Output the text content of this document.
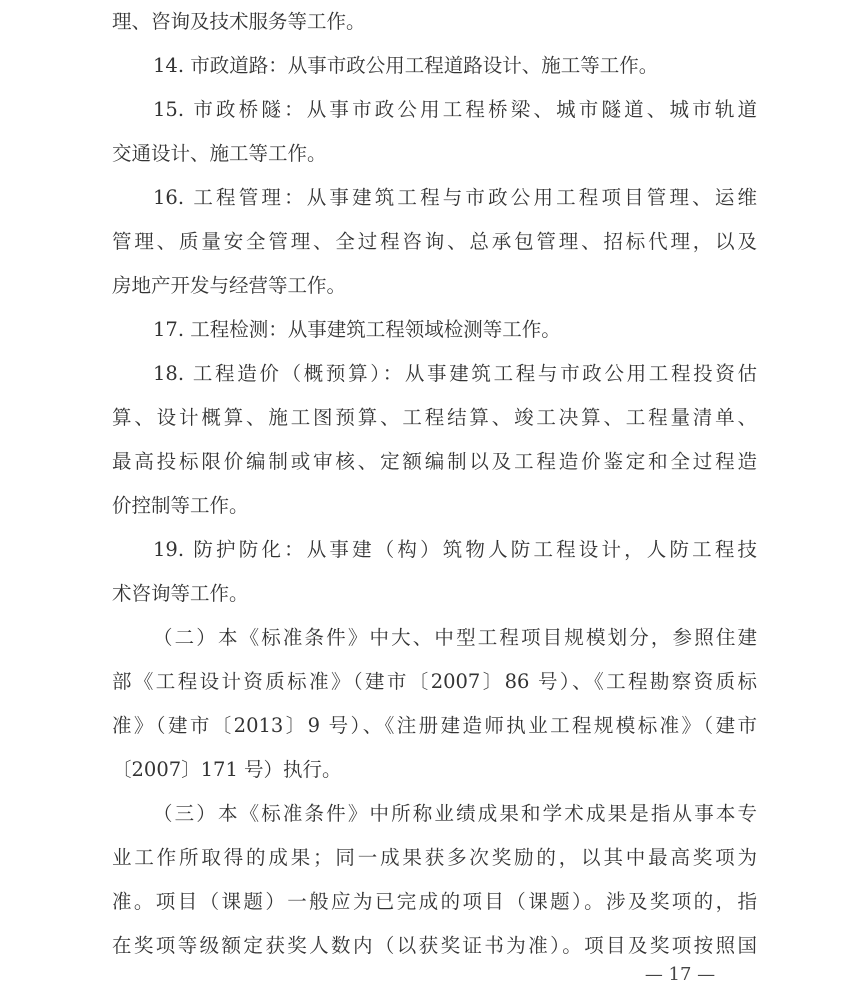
理、咨询及技术服务等工作。
14. 市政道路：从事市政公用工程道路设计、施工等工作。
15. 市政桥隧：从事市政公用工程桥梁、城市隧道、城市轨道
交通设计、施工等工作。
16. 工程管理：从事建筑工程与市政公用工程项目管理、运维
管理、质量安全管理、全过程咨询、总承包管理、招标代理，以及
房地产开发与经营等工作。
17. 工程检测：从事建筑工程领域检测等工作。
18. 工程造价（概预算）：从事建筑工程与市政公用工程投资估
算、设计概算、施工图预算、工程结算、竣工决算、工程量清单、
最高投标限价编制或审核、定额编制以及工程造价鉴定和全过程造
价控制等工作。
19. 防护防化：从事建（构）筑物人防工程设计，人防工程技
术咨询等工作。
（二）本《标准条件》中大、中型工程项目规模划分，参照住建
部《工程设计资质标准》（建市〔2007〕86 号）、《工程勘察资质标
准》（建市〔2013〕9 号）、《注册建造师执业工程规模标准》（建市
〔2007〕171 号）执行。
（三）本《标准条件》中所称业绩成果和学术成果是指从事本专
业工作所取得的成果；同一成果获多次奖励的，以其中最高奖项为
准。项目（课题）一般应为已完成的项目（课题）。涉及奖项的，指
在奖项等级额定获奖人数内（以获奖证书为准）。项目及奖项按照国
— 17 —
